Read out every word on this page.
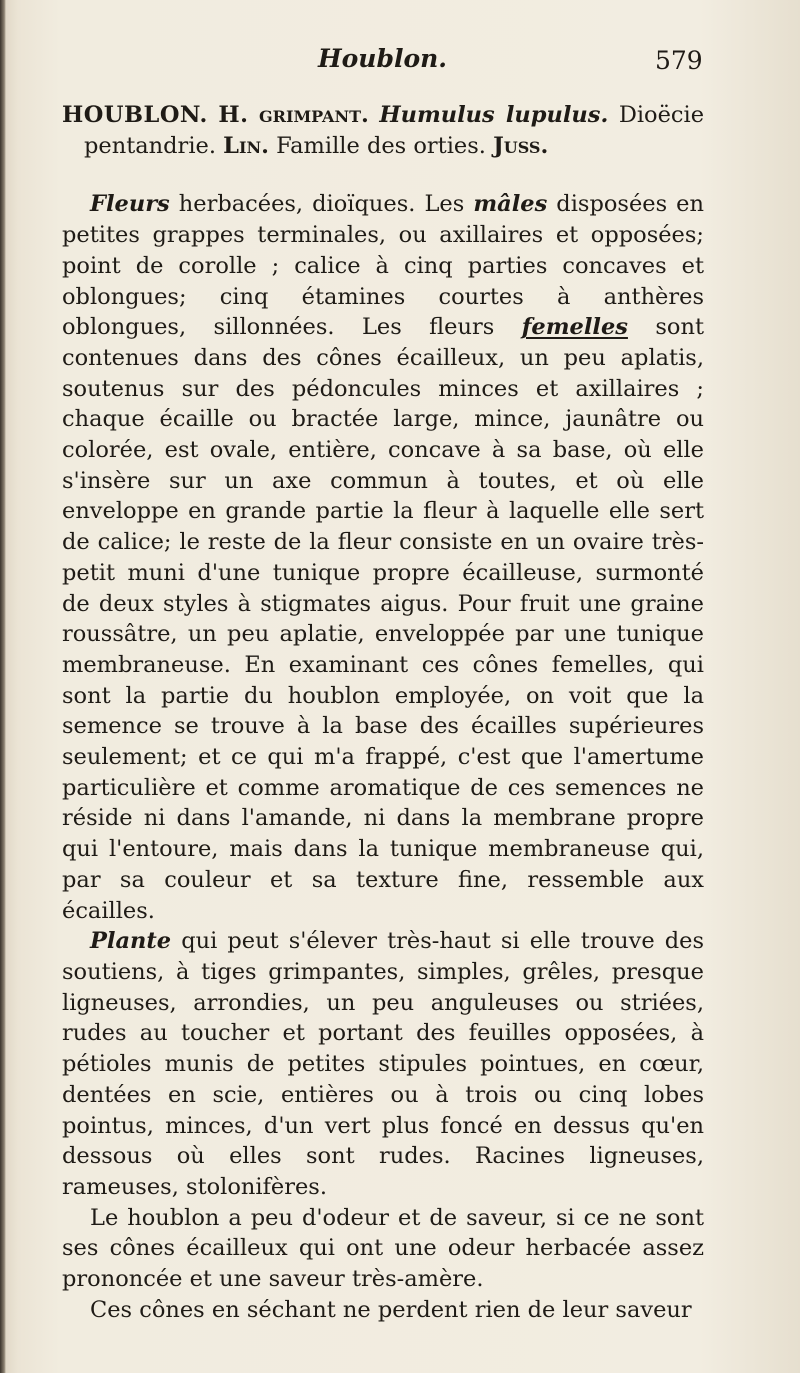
Houblon.	579

HOUBLON. H. grimpant. Humulus lupulus. Dioëcie pentandrie. Lin. Famille des orties. Juss.

Fleurs herbacées, dioïques. Les mâles disposées en petites grappes terminales, ou axillaires et opposées; point de corolle ; calice à cinq parties concaves et oblongues; cinq étamines courtes à anthères oblongues, sillonnées. Les fleurs femelles sont contenues dans des cônes écailleux, un peu aplatis, soutenus sur des pédoncules minces et axillaires ; chaque écaille ou bractée large, mince, jaunâtre ou colorée, est ovale, entière, concave à sa base, où elle s'insère sur un axe commun à toutes, et où elle enveloppe en grande partie la fleur à laquelle elle sert de calice; le reste de la fleur consiste en un ovaire très-petit muni d'une tunique propre écailleuse, surmonté de deux styles à stigmates aigus. Pour fruit une graine roussâtre, un peu aplatie, enveloppée par une tunique membraneuse. En examinant ces cônes femelles, qui sont la partie du houblon employée, on voit que la semence se trouve à la base des écailles supérieures seulement; et ce qui m'a frappé, c'est que l'amertume particulière et comme aromatique de ces semences ne réside ni dans l'amande, ni dans la membrane propre qui l'entoure, mais dans la tunique membraneuse qui, par sa couleur et sa texture fine, ressemble aux écailles.

Plante qui peut s'élever très-haut si elle trouve des soutiens, à tiges grimpantes, simples, grêles, presque ligneuses, arrondies, un peu anguleuses ou striées, rudes au toucher et portant des feuilles opposées, à pétioles munis de petites stipules pointues, en cœur, dentées en scie, entières ou à trois ou cinq lobes pointus, minces, d'un vert plus foncé en dessus qu'en dessous où elles sont rudes. Racines ligneuses, rameuses, stolonifères.

Le houblon a peu d'odeur et de saveur, si ce ne sont ses cônes écailleux qui ont une odeur herbacée assez prononcée et une saveur très-amère.

Ces cônes en séchant ne perdent rien de leur saveur
